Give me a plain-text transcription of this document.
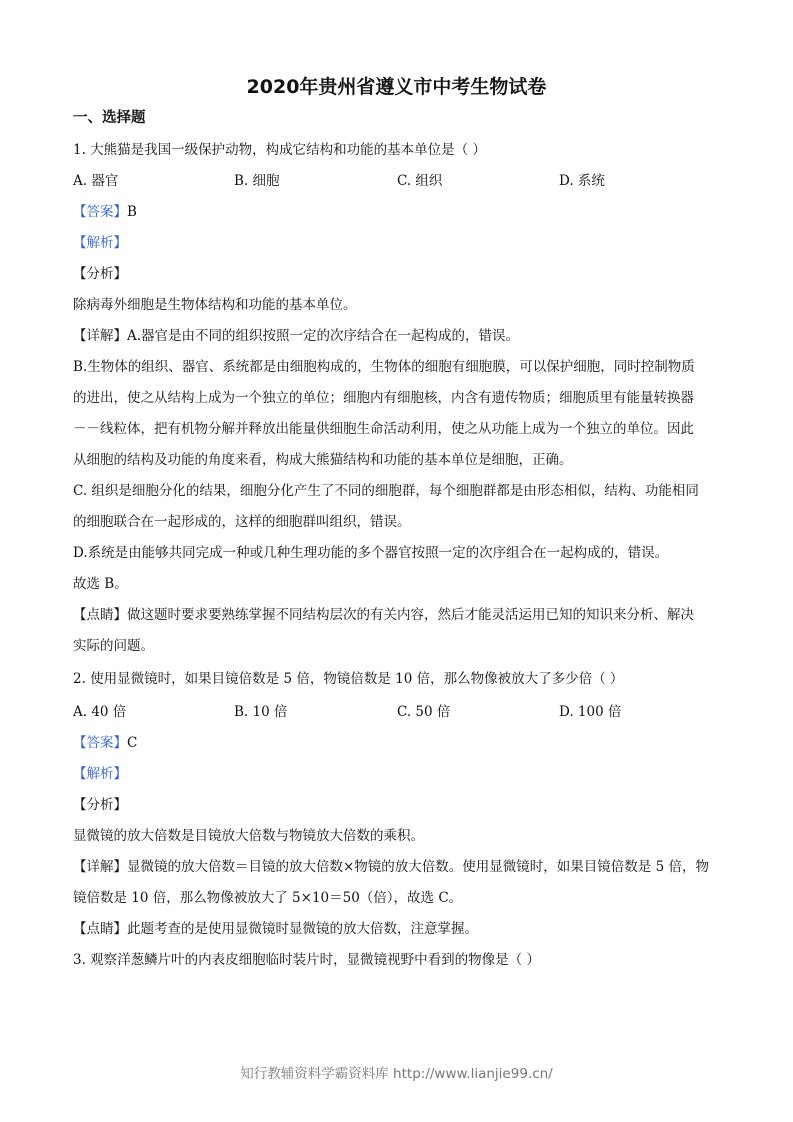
2020年贵州省遵义市中考生物试卷
一、选择题
1. 大熊猫是我国一级保护动物，构成它结构和功能的基本单位是（ ）
A. 器官	B. 细胞	C. 组织	D. 系统
【答案】B
【解析】
【分析】
除病毒外细胞是生物体结构和功能的基本单位。
【详解】A.器官是由不同的组织按照一定的次序结合在一起构成的，错误。
B.生物体的组织、器官、系统都是由细胞构成的，生物体的细胞有细胞膜，可以保护细胞，同时控制物质
的进出，使之从结构上成为一个独立的单位；细胞内有细胞核，内含有遗传物质；细胞质里有能量转换器
－－线粒体，把有机物分解并释放出能量供细胞生命活动利用，使之从功能上成为一个独立的单位。因此
从细胞的结构及功能的角度来看，构成大熊猫结构和功能的基本单位是细胞，正确。
C. 组织是细胞分化的结果，细胞分化产生了不同的细胞群，每个细胞群都是由形态相似，结构、功能相同
的细胞联合在一起形成的，这样的细胞群叫组织，错误。
D.系统是由能够共同完成一种或几种生理功能的多个器官按照一定的次序组合在一起构成的，错误。
故选 B。
【点睛】做这题时要求要熟练掌握不同结构层次的有关内容，然后才能灵活运用已知的知识来分析、解决
实际的问题。
2. 使用显微镜时，如果目镜倍数是 5 倍，物镜倍数是 10 倍，那么物像被放大了多少倍（ ）
A. 40 倍	B. 10 倍	C. 50 倍	D. 100 倍
【答案】C
【解析】
【分析】
显微镜的放大倍数是目镜放大倍数与物镜放大倍数的乘积。
【详解】显微镜的放大倍数＝目镜的放大倍数×物镜的放大倍数。使用显微镜时，如果目镜倍数是 5 倍，物
镜倍数是 10 倍，那么物像被放大了 5×10＝50（倍），故选 C。
【点睛】此题考查的是使用显微镜时显微镜的放大倍数，注意掌握。
3. 观察洋葱鳞片叶的内表皮细胞临时装片时，显微镜视野中看到的物像是（ ）
知行教辅资料学霸资料库 http://www.lianjie99.cn/
